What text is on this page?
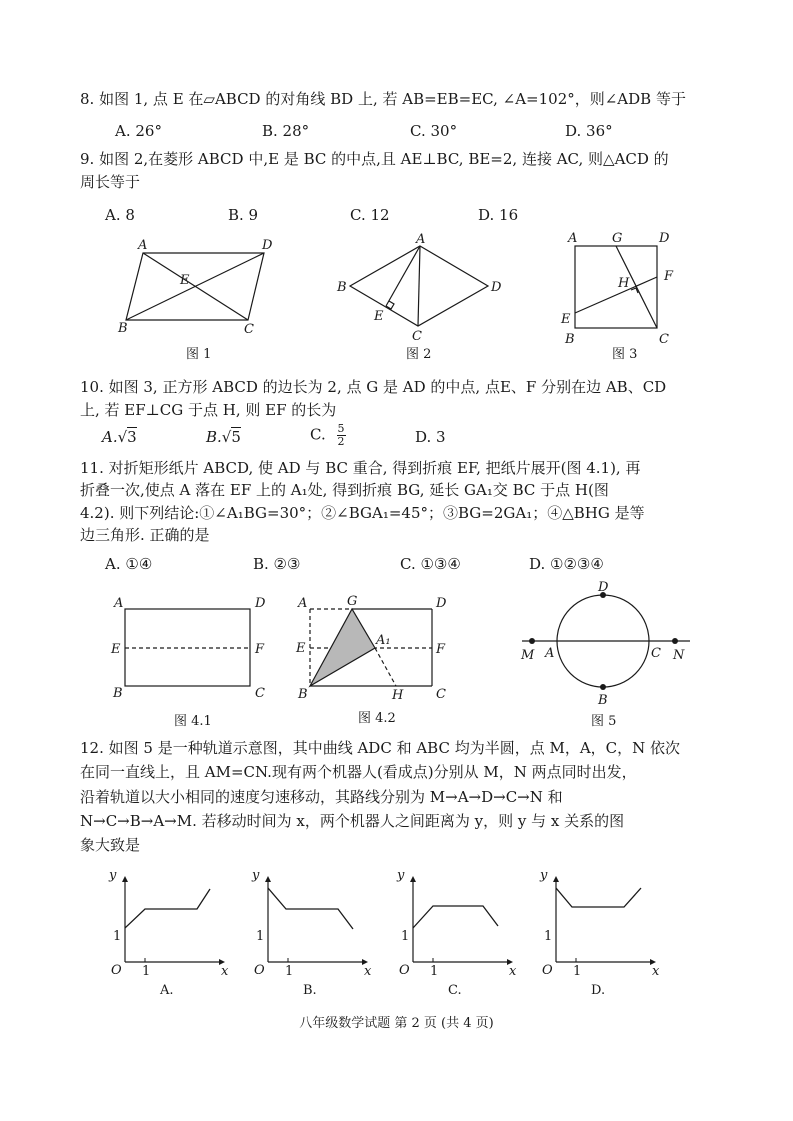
8. 如图 1, 点 E 在▱ABCD 的对角线 BD 上, 若 AB=EB=EC, ∠A=102°，则∠ADB 等于
A. 26°	B. 28°	C. 30°	D. 36°
9. 如图 2,在菱形 ABCD 中,E 是 BC 的中点,且 AE⊥BC, BE=2, 连接 AC, 则△ACD 的
周长等于
A. 8	B. 9	C. 12	D. 16
A	D
E
B	C
A
B	D
E
C
A	G	D
H	F
E
B	C
A	D
E	F
B	C
A	G	D
A₁
E	F
B	H	C
D
M A	C N
B
y
x
O
1
1
A.
y
x
O
1
1
B.
y
x
O
1
1
C.
y
x
O
1
1
D.
图 1	图 2	图 3
10. 如图 3, 正方形 ABCD 的边长为 2, 点 G 是 AD 的中点, 点E、F 分别在边 AB、CD
上, 若 EF⊥CG 于点 H, 则 EF 的长为
A.√3	B.√5	C. $\frac{5}{2}$	D. 3
11. 对折矩形纸片 ABCD, 使 AD 与 BC 重合, 得到折痕 EF, 把纸片展开(图 4.1), 再
折叠一次,使点 A 落在 EF 上的 A₁处, 得到折痕 BG, 延长 GA₁交 BC 于点 H(图
4.2). 则下列结论:①∠A₁BG=30°；②∠BGA₁=45°；③BG=2GA₁；④△BHG 是等
边三角形. 正确的是
A. ①④	B. ②③	C. ①③④	D. ①②③④
图 4.1	图 4.2	图 5
12. 如图 5 是一种轨道示意图，其中曲线 ADC 和 ABC 均为半圆，点 M，A，C，N 依次
在同一直线上，且 AM=CN.现有两个机器人(看成点)分别从 M，N 两点同时出发，
沿着轨道以大小相同的速度匀速移动，其路线分别为 M→A→D→C→N 和
N→C→B→A→M. 若移动时间为 x，两个机器人之间距离为 y，则 y 与 x 关系的图
象大致是
八年级数学试题 第 2 页 (共 4 页)
